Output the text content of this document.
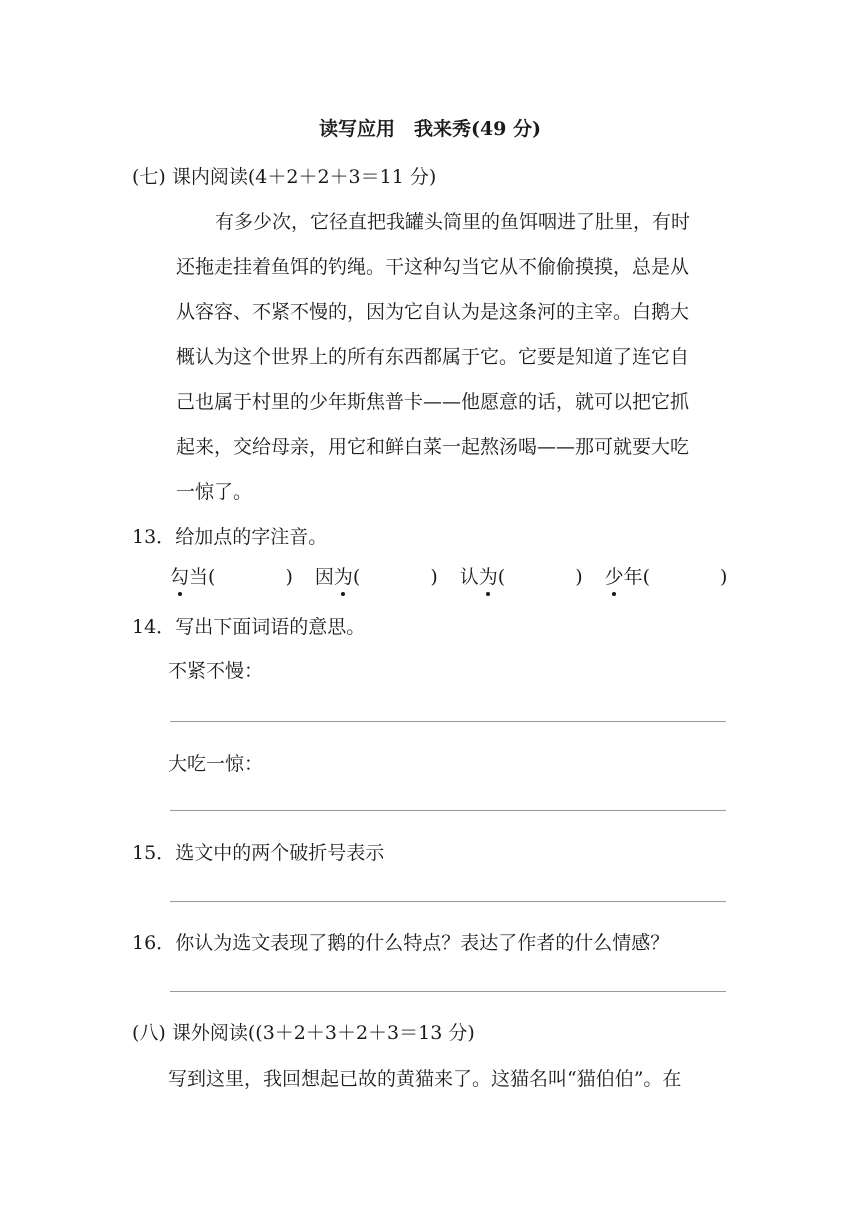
读写应用　我来秀(49 分)
(七) 课内阅读(4＋2＋2＋3＝11 分)
有多少次，它径直把我罐头筒里的鱼饵咽进了肚里，有时
还拖走挂着鱼饵的钓绳。干这种勾当它从不偷偷摸摸，总是从
从容容、不紧不慢的，因为它自认为是这条河的主宰。白鹅大
概认为这个世界上的所有东西都属于它。它要是知道了连它自
己也属于村里的少年斯焦普卡——他愿意的话，就可以把它抓
起来，交给母亲，用它和鲜白菜一起熬汤喝——那可就要大吃
一惊了。
13．给加点的字注音。
勾 当(	) 因 为 (	) 认 为 (	) 少 年(	)
14．写出下面词语的意思。
不紧不慢：
大吃一惊：
15．选文中的两个破折号表示
16．你认为选文表现了鹅的什么特点？表达了作者的什么情感？
(八) 课外阅读((3＋2＋3＋2＋3＝13 分)
写到这里，我回想起已故的黄猫来了。这猫名叫“猫伯伯”。在
